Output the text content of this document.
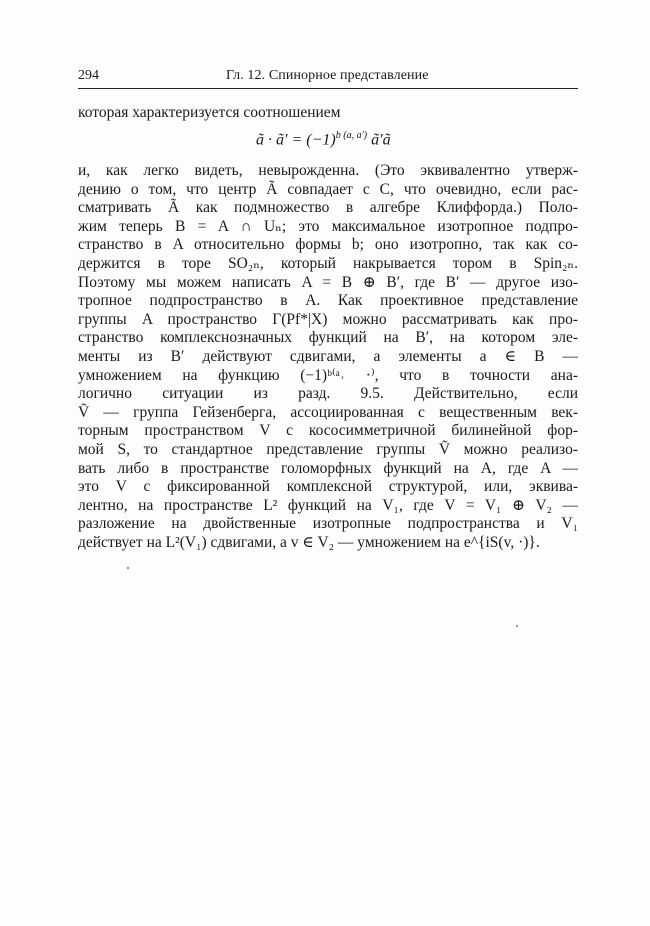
294	Гл. 12. Спинорное представление
которая характеризуется соотношением
ã · ã′ = $(-1)^{b (a, a')}$ ã′ã
и, как легко видеть, невырожденна. (Это эквивалентно утверж-
дению о том, что центр Ã совпадает с C, что очевидно, если рас-
сматривать Ã как подмножество в алгебре Клиффорда.) Поло-
жим теперь B = A ∩ Uₙ; это максимальное изотропное подпро-
странство в A относительно формы b; оно изотропно, так как со-
держится в торе SO₂ₙ, который накрывается тором в Spin₂ₙ.
Поэтому мы можем написать A = B ⊕ B′, где B′ — другое изо-
тропное подпространство в A. Как проективное представление
группы A пространство Γ(Pf*|X) можно рассматривать как про-
странство комплекснозначных функций на B′, на котором эле-
менты из B′ действуют сдвигами, а элементы a ∈ B —
умножением на функцию (−1)ᵇ⁽ᵃ˒ ·⁾, что в точности ана-
логично ситуации из разд. 9.5. Действительно, если
Ṽ — группа Гейзенберга, ассоциированная с вещественным век-
торным пространством V с кососимметричной билинейной фор-
мой S, то стандартное представление группы Ṽ можно реализо-
вать либо в пространстве голоморфных функций на A, где A —
это V с фиксированной комплексной структурой, или, эквива-
лентно, на пространстве L² функций на V₁, где V = V₁ ⊕ V₂ —
разложение на двойственные изотропные подпространства и V₁
действует на L²(V₁) сдвигами, а v ∈ V₂ — умножением на e^{iS(v, ·)}.
